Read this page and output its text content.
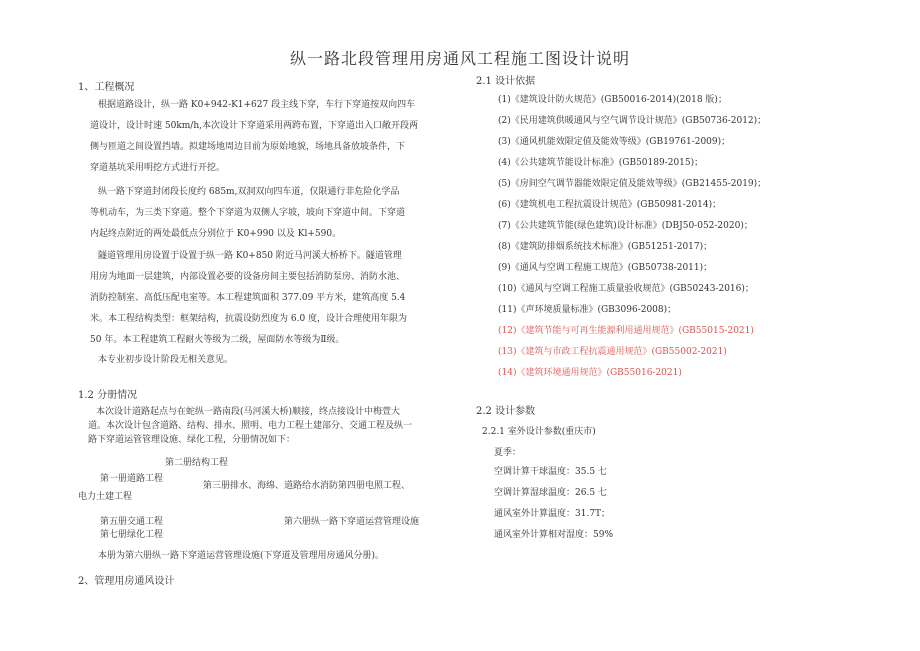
纵一路北段管理用房通风工程施工图设计说明
1、工程概况
根据道路设计，纵一路 K0+942-K1+627 段主线下穿，车行下穿道按双向四车
道设计，设计时速 50km/h,本次设计下穿道采用两跨布置，下穿道出入口敞开段两
侧与匝道之间设置挡墙。拟建场地周边目前为原始地貌，场地具备放坡条件，下
穿道基坑采用明挖方式进行开挖。
纵一路下穿道封闭段长度约 685m,双洞双向四车道，仅限通行非危险化学品
等机动车，为三类下穿道。整个下穿道为双侧人字坡，坡向下穿道中间。下穿道
内起终点附近的两处最低点分别位于 K0+990 以及 Kl+590。
隧道管理用房设置于设置于纵一路 K0+850 附近马河溪大桥桥下。隧道管理
用房为地面一层建筑，内部设置必要的设备房间主要包括消防泵房、消防水池、
消防控制室、高低压配电室等。本工程建筑面积 377.09 平方米，建筑高度 5.4
米。本工程结构类型：框架结构，抗震设防烈度为 6.0 度，设计合理使用年限为
50 年。本工程建筑工程耐火等级为二级，屋面防水等级为Ⅱ级。
本专业初步设计阶段无相关意见。
1.2 分册情况
本次设计道路起点与在蛇纵一路南段(马河溪大桥)顺接，终点接设计中梅萱大
道。本次设计包含道路、结构、排水、照明、电力工程土建部分、交通工程及纵一
路下穿道运管管理设施、绿化工程，分册情况如下：
第二册结构工程
第一册道路工程
第三册排水、海绵、道路给水消防第四册电照工程、
电力土建工程
第五册交通工程	第六册纵一路下穿道运营管理设施
第七册绿化工程
本册为第六册纵一路下穿道运营管理设施(下穿道及管理用房通风分册)。
2、管理用房通风设计
2.1 设计依据
(1)《建筑设计防火规范》(GB50016-2014)(2018 版)；
(2)《民用建筑供暖通风与空气调节设计规范》(GB50736-2012)；
(3)《通风机能效限定值及能效等级》(GB19761-2009)；
(4)《公共建筑节能设计标准》(GB50189-2015)；
(5)《房间空气调节器能效限定值及能效等级》(GB21455-2019)；
(6)《建筑机电工程抗震设计规范》(GB50981-2014)；
(7)《公共建筑节能(绿色建筑)设计标准》(DBJ50-052-2020)；
(8)《建筑防排烟系统技术标准》(GB51251-2017)；
(9)《通风与空调工程施工规范》(GB50738-2011)；
(10)《通风与空调工程施工质量验收规范》(GB50243-2016)；
(11)《声环境质量标准》(GB3096-2008)；
(12)《建筑节能与可再生能源利用通用规范》(GB55015-2021)
(13)《建筑与市政工程抗震通用规范》(GB55002-2021)
(14)《建筑环境通用规范》(GB55016-2021)
2.2 设计参数
2.2.1 室外设计参数(重庆市)
夏季：
空调计算干球温度：35.5 七
空调计算湿球温度：26.5 七
通风室外计算温度：31.7T；
通风室外计算相对湿度：59%
